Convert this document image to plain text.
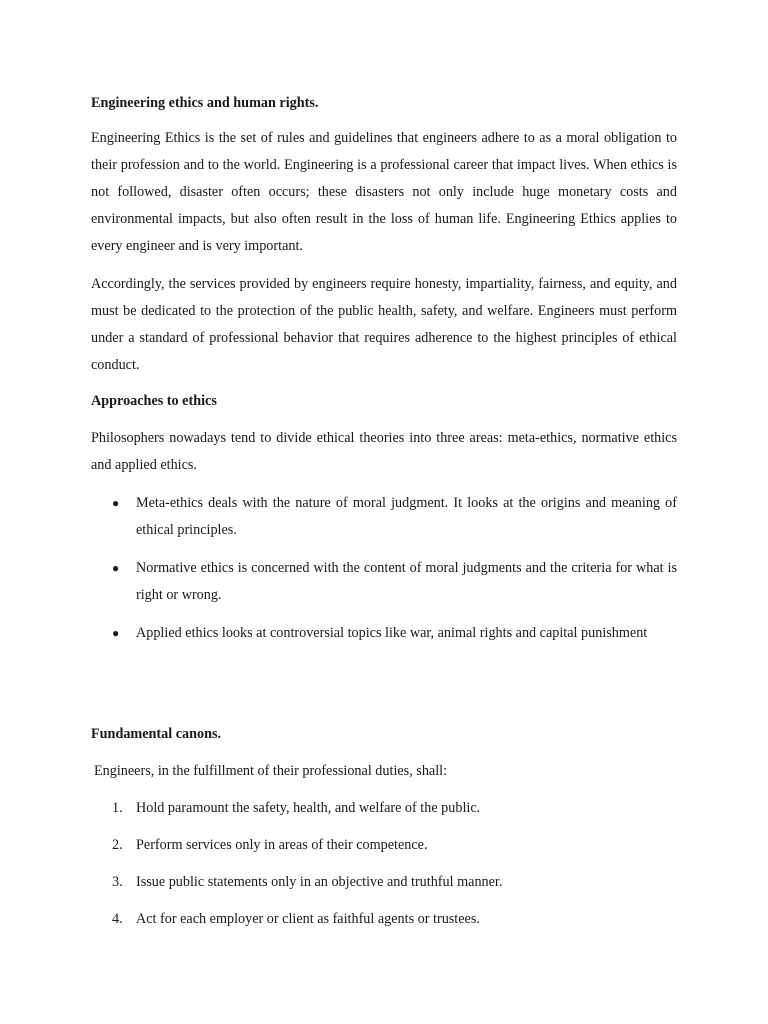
Engineering ethics and human rights.

Engineering Ethics is the set of rules and guidelines that engineers adhere to as a moral obligation to their profession and to the world. Engineering is a professional career that impact lives. When ethics is not followed, disaster often occurs; these disasters not only include huge monetary costs and environmental impacts, but also often result in the loss of human life. Engineering Ethics applies to every engineer and is very important.

Accordingly, the services provided by engineers require honesty, impartiality, fairness, and equity, and must be dedicated to the protection of the public health, safety, and welfare. Engineers must perform under a standard of professional behavior that requires adherence to the highest principles of ethical conduct.

Approaches to ethics

Philosophers nowadays tend to divide ethical theories into three areas: meta-ethics, normative ethics and applied ethics.

● Meta-ethics deals with the nature of moral judgment. It looks at the origins and meaning of ethical principles.
● Normative ethics is concerned with the content of moral judgments and the criteria for what is right or wrong.
● Applied ethics looks at controversial topics like war, animal rights and capital punishment
Fundamental canons.

Engineers, in the fulfillment of their professional duties, shall:

1. Hold paramount the safety, health, and welfare of the public.
2. Perform services only in areas of their competence.
3. Issue public statements only in an objective and truthful manner.
4. Act for each employer or client as faithful agents or trustees.
